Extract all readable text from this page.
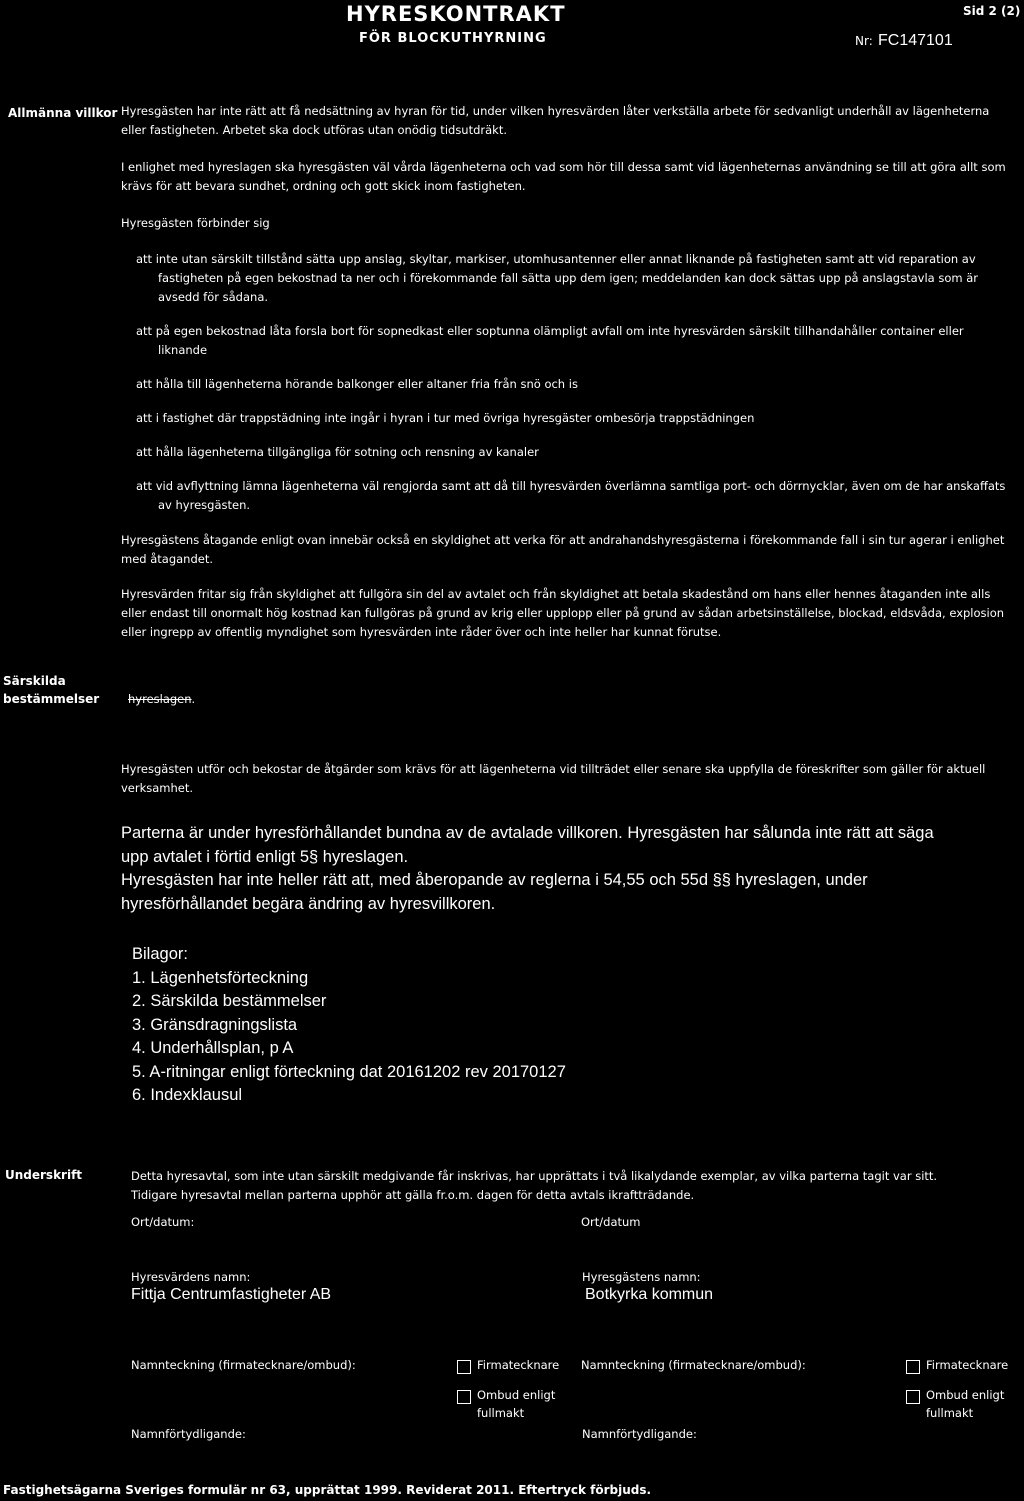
HYRESKONTRAKT
FÖR BLOCKUTHYRNING	Nr: FC147101
Sid 2 (2)
Allmänna villkor Hyresgästen har inte rätt att få nedsättning av hyran för tid, under vilken hyresvärden låter verkställa arbete för sedvanligt underhåll av lägenheterna eller fastigheten. Arbetet ska dock utföras utan onödig tidsutdräkt.
I enlighet med hyreslagen ska hyresgästen väl vårda lägenheterna och vad som hör till dessa samt vid lägenheternas användning se till att göra allt som krävs för att bevara sundhet, ordning och gott skick inom fastigheten.
Hyresgästen förbinder sig
att inte utan särskilt tillstånd sätta upp anslag, skyltar, markiser, utomhusantenner eller annat liknande på fastigheten samt att vid reparation av fastigheten på egen bekostnad ta ner och i förekommande fall sätta upp dem igen; meddelanden kan dock sättas upp på anslagstavla som är avsedd för sådana.
att på egen bekostnad låta forsla bort för sopnedkast eller soptunna olämpligt avfall om inte hyresvärden särskilt tillhandahåller container eller liknande
att hålla till lägenheterna hörande balkonger eller altaner fria från snö och is
att i fastighet där trappstädning inte ingår i hyran i tur med övriga hyresgäster ombesörja trappstädningen
att hålla lägenheterna tillgängliga för sotning och rensning av kanaler
att vid avflyttning lämna lägenheterna väl rengjorda samt att då till hyresvärden överlämna samtliga port- och dörrnycklar, även om de har anskaffats av hyresgästen.
Hyresgästens åtagande enligt ovan innebär också en skyldighet att verka för att andrahandshyresgästerna i förekommande fall i sin tur agerar i enlighet med åtagandet.
Hyresvärden fritar sig från skyldighet att fullgöra sin del av avtalet och från skyldighet att betala skadestånd om hans eller hennes åtaganden inte alls eller endast till onormalt hög kostnad kan fullgöras på grund av krig eller upplopp eller på grund av sådan arbetsinställelse, blockad, eldsvåda, explosion eller ingrepp av offentlig myndighet som hyresvärden inte råder över och inte heller har kunnat förutse.
Särskilda
bestämmelser	hyreslagen.
Hyresgästen utför och bekostar de åtgärder som krävs för att lägenheterna vid tillträdet eller senare ska uppfylla de föreskrifter som gäller för aktuell verksamhet.
Parterna är under hyresförhållandet bundna av de avtalade villkoren. Hyresgästen har sålunda inte rätt att säga
upp avtalet i förtid enligt 5§ hyreslagen.
Hyresgästen har inte heller rätt att, med åberopande av reglerna i 54,55 och 55d §§ hyreslagen, under
hyresförhållandet begära ändring av hyresvillkoren.
Bilagor:
1. Lägenhetsförteckning
2. Särskilda bestämmelser
3. Gränsdragningslista
4. Underhållsplan, p A
5. A-ritningar enligt förteckning dat 20161202 rev 20170127
6. Indexklausul
Underskrift	Detta hyresavtal, som inte utan särskilt medgivande får inskrivas, har upprättats i två likalydande exemplar, av vilka parterna tagit var sitt.
Tidigare hyresavtal mellan parterna upphör att gälla fr.o.m. dagen för detta avtals ikraftträdande.
Ort/datum:	Ort/datum
Hyresvärdens namn:	Hyresgästens namn:
Fittja Centrumfastigheter AB	Botkyrka kommun
Namnteckning (firmatecknare/ombud):	Namnteckning (firmatecknare/ombud):
Firmatecknare
Ombud enligt
fullmakt
Firmatecknare
Ombud enligt
fullmakt
Namnförtydligande:	Namnförtydligande:
Fastighetsägarna Sveriges formulär nr 63, upprättat 1999. Reviderat 2011. Eftertryck förbjuds.
